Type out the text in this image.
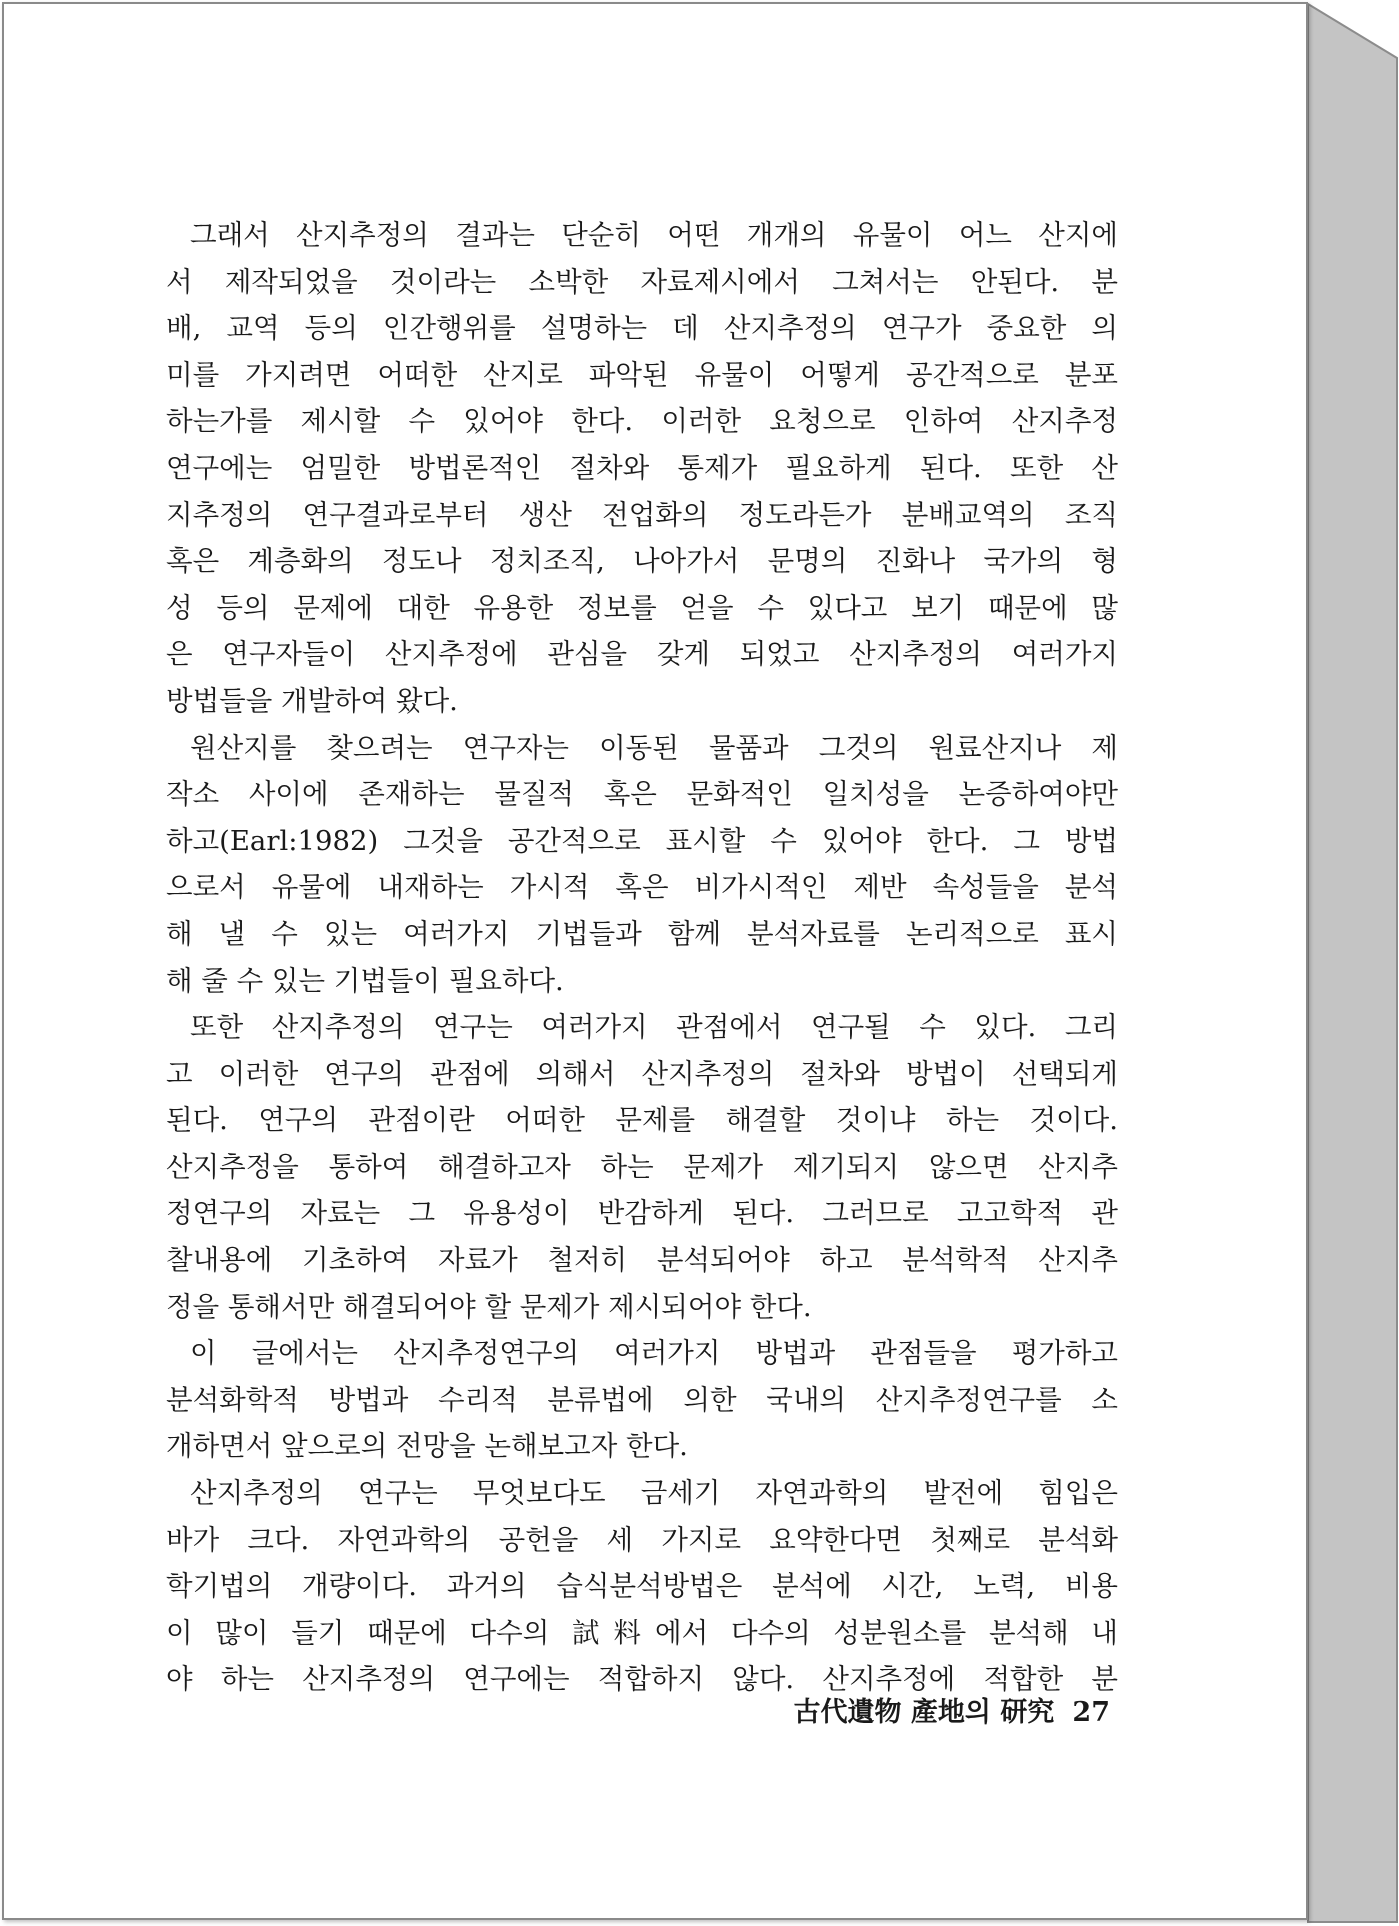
그래서 산지추정의 결과는 단순히 어떤 개개의 유물이 어느 산지에
서 제작되었을 것이라는 소박한 자료제시에서 그쳐서는 안된다. 분
배, 교역 등의 인간행위를 설명하는 데 산지추정의 연구가 중요한 의
미를 가지려면 어떠한 산지로 파악된 유물이 어떻게 공간적으로 분포
하는가를 제시할 수 있어야 한다. 이러한 요청으로 인하여 산지추정
연구에는 엄밀한 방법론적인 절차와 통제가 필요하게 된다. 또한 산
지추정의 연구결과로부터 생산 전업화의 정도라든가 분배교역의 조직
혹은 계층화의 정도나 정치조직, 나아가서 문명의 진화나 국가의 형
성 등의 문제에 대한 유용한 정보를 얻을 수 있다고 보기 때문에 많
은 연구자들이 산지추정에 관심을 갖게 되었고 산지추정의 여러가지
방법들을 개발하여 왔다.
원산지를 찾으려는 연구자는 이동된 물품과 그것의 원료산지나 제
작소 사이에 존재하는 물질적 혹은 문화적인 일치성을 논증하여야만
하고(Earl:1982) 그것을 공간적으로 표시할 수 있어야 한다. 그 방법
으로서 유물에 내재하는 가시적 혹은 비가시적인 제반 속성들을 분석
해 낼 수 있는 여러가지 기법들과 함께 분석자료를 논리적으로 표시
해 줄 수 있는 기법들이 필요하다.
또한 산지추정의 연구는 여러가지 관점에서 연구될 수 있다. 그리
고 이러한 연구의 관점에 의해서 산지추정의 절차와 방법이 선택되게
된다. 연구의 관점이란 어떠한 문제를 해결할 것이냐 하는 것이다.
산지추정을 통하여 해결하고자 하는 문제가 제기되지 않으면 산지추
정연구의 자료는 그 유용성이 반감하게 된다. 그러므로 고고학적 관
찰내용에 기초하여 자료가 철저히 분석되어야 하고 분석학적 산지추
정을 통해서만 해결되어야 할 문제가 제시되어야 한다.
이 글에서는 산지추정연구의 여러가지 방법과 관점들을 평가하고
분석화학적 방법과 수리적 분류법에 의한 국내의 산지추정연구를 소
개하면서 앞으로의 전망을 논해보고자 한다.
산지추정의 연구는 무엇보다도 금세기 자연과학의 발전에 힘입은
바가 크다. 자연과학의 공헌을 세 가지로 요약한다면 첫째로 분석화
학기법의 개량이다. 과거의 습식분석방법은 분석에 시간, 노력, 비용
이 많이 들기 때문에 다수의 試料에서 다수의 성분원소를 분석해 내
야 하는 산지추정의 연구에는 적합하지 않다. 산지추정에 적합한 분
古代遺物 產地의 研究 27
